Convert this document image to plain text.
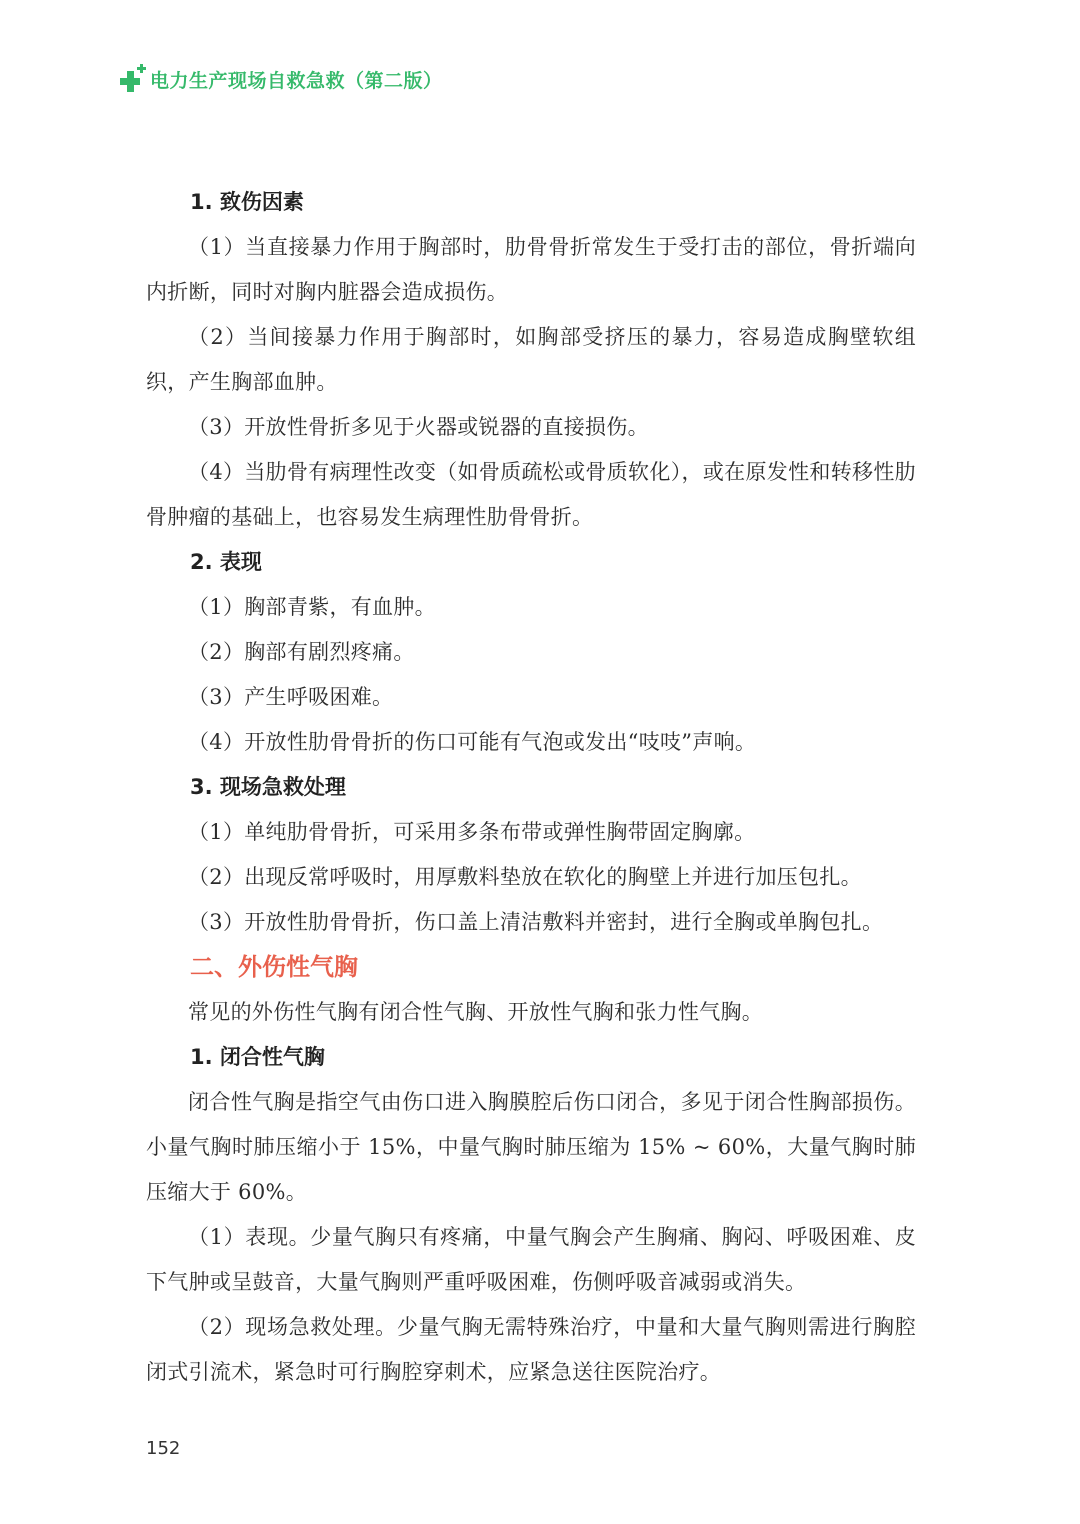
电力生产现场自救急救（第二版）
1. 致伤因素

（1）当直接暴力作用于胸部时，肋骨骨折常发生于受打击的部位，骨折端向内折断，同时对胸内脏器会造成损伤。

（2）当间接暴力作用于胸部时，如胸部受挤压的暴力，容易造成胸壁软组织，产生胸部血肿。

（3）开放性骨折多见于火器或锐器的直接损伤。

（4）当肋骨有病理性改变（如骨质疏松或骨质软化），或在原发性和转移性肋骨肿瘤的基础上，也容易发生病理性肋骨骨折。

2. 表现

（1）胸部青紫，有血肿。

（2）胸部有剧烈疼痛。

（3）产生呼吸困难。

（4）开放性肋骨骨折的伤口可能有气泡或发出“吱吱”声响。

3. 现场急救处理

（1）单纯肋骨骨折，可采用多条布带或弹性胸带固定胸廓。

（2）出现反常呼吸时，用厚敷料垫放在软化的胸壁上并进行加压包扎。

（3）开放性肋骨骨折，伤口盖上清洁敷料并密封，进行全胸或单胸包扎。

二、外伤性气胸

常见的外伤性气胸有闭合性气胸、开放性气胸和张力性气胸。

1. 闭合性气胸

闭合性气胸是指空气由伤口进入胸膜腔后伤口闭合，多见于闭合性胸部损伤。小量气胸时肺压缩小于 15%，中量气胸时肺压缩为 15% ~ 60%，大量气胸时肺压缩大于 60%。

（1）表现。少量气胸只有疼痛，中量气胸会产生胸痛、胸闷、呼吸困难、皮下气肿或呈鼓音，大量气胸则严重呼吸困难，伤侧呼吸音减弱或消失。

（2）现场急救处理。少量气胸无需特殊治疗，中量和大量气胸则需进行胸腔闭式引流术，紧急时可行胸腔穿刺术，应紧急送往医院治疗。

152
